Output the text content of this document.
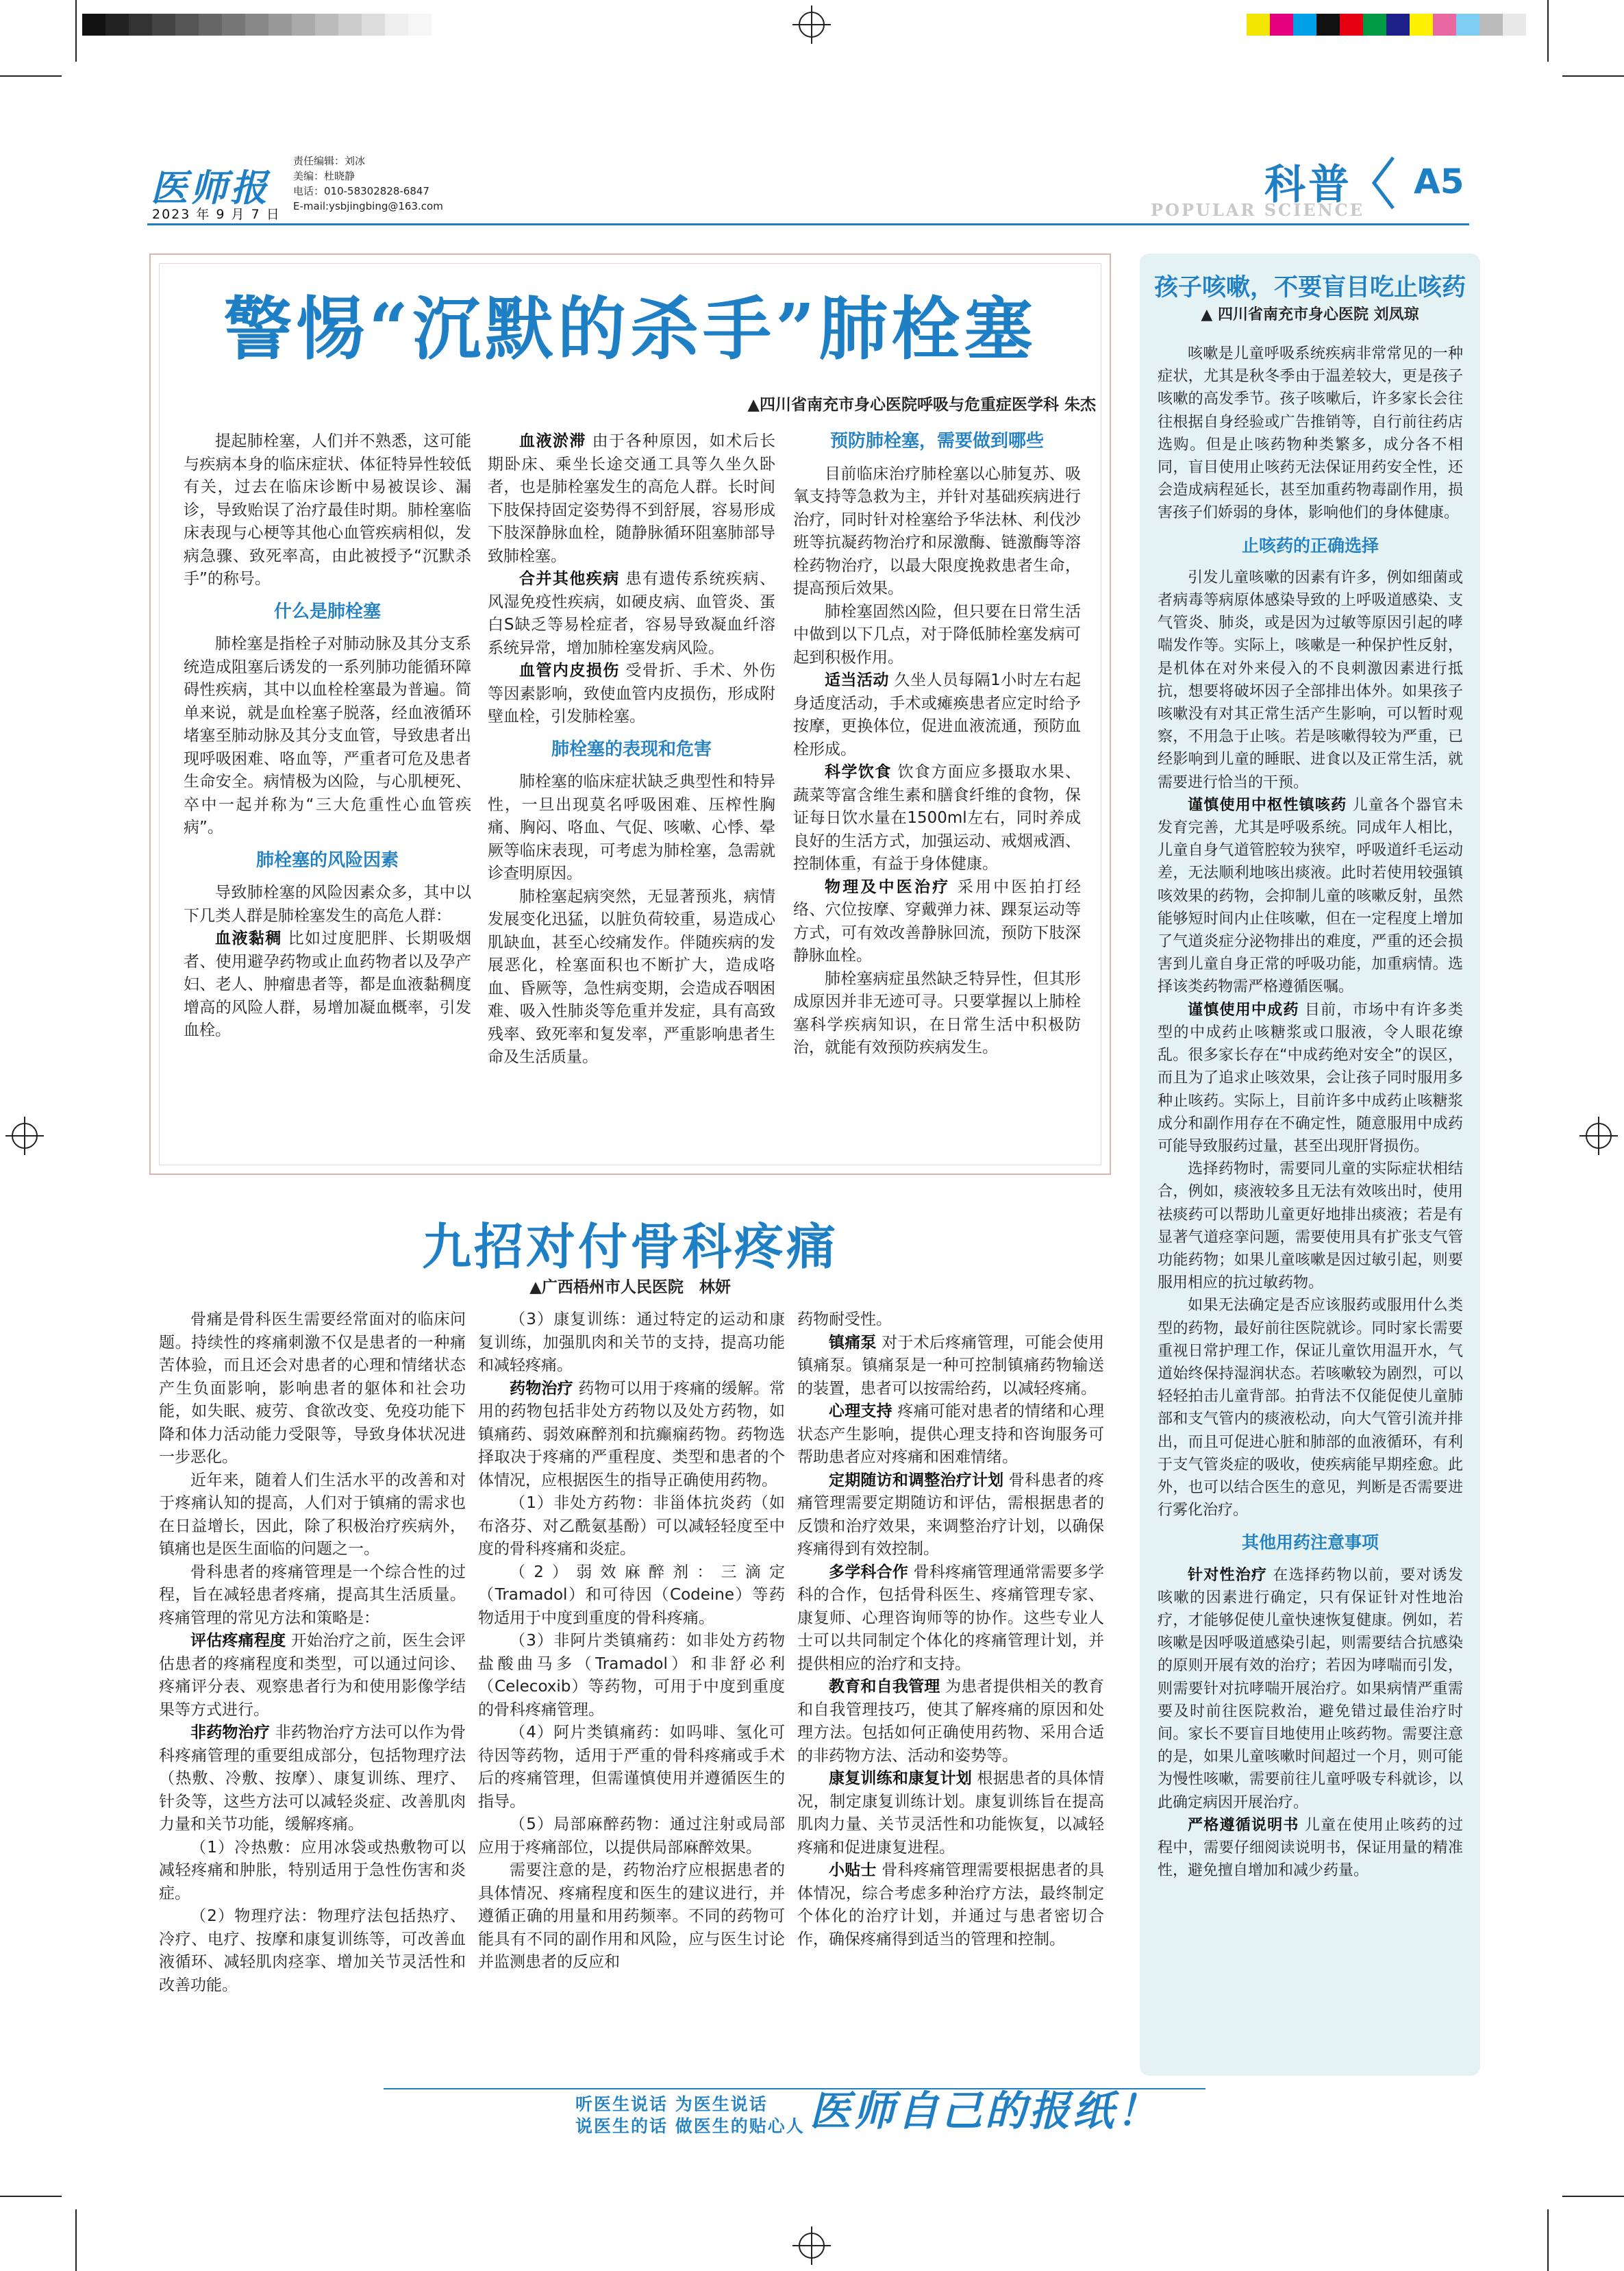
医师报
2023 年 9 月 7 日
责任编辑：刘冰
美编：杜晓静
电话：010-58302828-6847
E-mail:ysbjingbing@163.com	科普
POPULAR SCIENCE
A5
警惕“沉默的杀手”肺栓塞
▲四川省南充市身心医院呼吸与危重症医学科 朱杰

提起肺栓塞，人们并不熟悉，这可能与疾病本身的临床症状、体征特异性较低有关，过去在临床诊断中易被误诊、漏诊，导致贻误了治疗最佳时期。肺栓塞临床表现与心梗等其他心血管疾病相似，发病急骤、致死率高，由此被授予“沉默杀手”的称号。

什么是肺栓塞

肺栓塞是指栓子对肺动脉及其分支系统造成阻塞后诱发的一系列肺功能循环障碍性疾病，其中以血栓栓塞最为普遍。简单来说，就是血栓塞子脱落，经血液循环堵塞至肺动脉及其分支血管，导致患者出现呼吸困难、咯血等，严重者可危及患者生命安全。病情极为凶险，与心肌梗死、卒中一起并称为“三大危重性心血管疾病”。

肺栓塞的风险因素

导致肺栓塞的风险因素众多，其中以下几类人群是肺栓塞发生的高危人群：

血液黏稠 比如过度肥胖、长期吸烟者、使用避孕药物或止血药物者以及孕产妇、老人、肿瘤患者等，都是血液黏稠度增高的风险人群，易增加凝血概率，引发血栓。

血液淤滞 由于各种原因，如术后长期卧床、乘坐长途交通工具等久坐久卧者，也是肺栓塞发生的高危人群。长时间下肢保持固定姿势得不到舒展，容易形成下肢深静脉血栓，随静脉循环阻塞肺部导致肺栓塞。

合并其他疾病 患有遗传系统疾病、风湿免疫性疾病，如硬皮病、血管炎、蛋白S缺乏等易栓症者，容易导致凝血纤溶系统异常，增加肺栓塞发病风险。

血管内皮损伤 受骨折、手术、外伤等因素影响，致使血管内皮损伤，形成附壁血栓，引发肺栓塞。

肺栓塞的表现和危害

肺栓塞的临床症状缺乏典型性和特异性，一旦出现莫名呼吸困难、压榨性胸痛、胸闷、咯血、气促、咳嗽、心悸、晕厥等临床表现，可考虑为肺栓塞，急需就诊查明原因。

肺栓塞起病突然，无显著预兆，病情发展变化迅猛，以脏负荷较重，易造成心肌缺血，甚至心绞痛发作。伴随疾病的发展恶化，栓塞面积也不断扩大，造成咯血、昏厥等，急性病变期，会造成吞咽困难、吸入性肺炎等危重并发症，具有高致残率、致死率和复发率，严重影响患者生命及生活质量。

预防肺栓塞，需要做到哪些

目前临床治疗肺栓塞以心肺复苏、吸氧支持等急救为主，并针对基础疾病进行治疗，同时针对栓塞给予华法林、利伐沙班等抗凝药物治疗和尿激酶、链激酶等溶栓药物治疗，以最大限度挽救患者生命，提高预后效果。

肺栓塞固然凶险，但只要在日常生活中做到以下几点，对于降低肺栓塞发病可起到积极作用。

适当活动 久坐人员每隔1小时左右起身适度活动，手术或瘫痪患者应定时给予按摩，更换体位，促进血液流通，预防血栓形成。

科学饮食 饮食方面应多摄取水果、蔬菜等富含维生素和膳食纤维的食物，保证每日饮水量在1500ml左右，同时养成良好的生活方式，加强运动、戒烟戒酒、控制体重，有益于身体健康。

物理及中医治疗 采用中医拍打经络、穴位按摩、穿戴弹力袜、踝泵运动等方式，可有效改善静脉回流，预防下肢深静脉血栓。

肺栓塞病症虽然缺乏特异性，但其形成原因并非无迹可寻。只要掌握以上肺栓塞科学疾病知识，在日常生活中积极防治，就能有效预防疾病发生。

九招对付骨科疼痛
▲广西梧州市人民医院　林妍

骨痛是骨科医生需要经常面对的临床问题。持续性的疼痛刺激不仅是患者的一种痛苦体验，而且还会对患者的心理和情绪状态产生负面影响，影响患者的躯体和社会功能，如失眠、疲劳、食欲改变、免疫功能下降和体力活动能力受限等，导致身体状况进一步恶化。

近年来，随着人们生活水平的改善和对于疼痛认知的提高，人们对于镇痛的需求也在日益增长，因此，除了积极治疗疾病外，镇痛也是医生面临的问题之一。

骨科患者的疼痛管理是一个综合性的过程，旨在减轻患者疼痛，提高其生活质量。疼痛管理的常见方法和策略是：

评估疼痛程度 开始治疗之前，医生会评估患者的疼痛程度和类型，可以通过问诊、疼痛评分表、观察患者行为和使用影像学结果等方式进行。

非药物治疗 非药物治疗方法可以作为骨科疼痛管理的重要组成部分，包括物理疗法（热敷、冷敷、按摩）、康复训练、理疗、针灸等，这些方法可以减轻炎症、改善肌肉力量和关节功能，缓解疼痛。

（1）冷热敷：应用冰袋或热敷物可以减轻疼痛和肿胀，特别适用于急性伤害和炎症。

（2）物理疗法：物理疗法包括热疗、冷疗、电疗、按摩和康复训练等，可改善血液循环、减轻肌肉痉挛、增加关节灵活性和改善功能。

（3）康复训练：通过特定的运动和康复训练，加强肌肉和关节的支持，提高功能和减轻疼痛。

药物治疗 药物可以用于疼痛的缓解。常用的药物包括非处方药物以及处方药物，如镇痛药、弱效麻醉剂和抗癫痫药物。药物选择取决于疼痛的严重程度、类型和患者的个体情况，应根据医生的指导正确使用药物。

（1）非处方药物：非甾体抗炎药（如布洛芬、对乙酰氨基酚）可以减轻轻度至中度的骨科疼痛和炎症。

（2）弱效麻醉剂：三滴定（Tramadol）和可待因（Codeine）等药物适用于中度到重度的骨科疼痛。

（3）非阿片类镇痛药：如非处方药物盐酸曲马多（Tramadol）和非舒必利（Celecoxib）等药物，可用于中度到重度的骨科疼痛管理。

（4）阿片类镇痛药：如吗啡、氢化可待因等药物，适用于严重的骨科疼痛或手术后的疼痛管理，但需谨慎使用并遵循医生的指导。

（5）局部麻醉药物：通过注射或局部应用于疼痛部位，以提供局部麻醉效果。

需要注意的是，药物治疗应根据患者的具体情况、疼痛程度和医生的建议进行，并遵循正确的用量和用药频率。不同的药物可能具有不同的副作用和风险，应与医生讨论并监测患者的反应和

药物耐受性。

镇痛泵 对于术后疼痛管理，可能会使用镇痛泵。镇痛泵是一种可控制镇痛药物输送的装置，患者可以按需给药，以减轻疼痛。

心理支持 疼痛可能对患者的情绪和心理状态产生影响，提供心理支持和咨询服务可帮助患者应对疼痛和困难情绪。

定期随访和调整治疗计划 骨科患者的疼痛管理需要定期随访和评估，需根据患者的反馈和治疗效果，来调整治疗计划，以确保疼痛得到有效控制。

多学科合作 骨科疼痛管理通常需要多学科的合作，包括骨科医生、疼痛管理专家、康复师、心理咨询师等的协作。这些专业人士可以共同制定个体化的疼痛管理计划，并提供相应的治疗和支持。

教育和自我管理 为患者提供相关的教育和自我管理技巧，使其了解疼痛的原因和处理方法。包括如何正确使用药物、采用合适的非药物方法、活动和姿势等。

康复训练和康复计划 根据患者的具体情况，制定康复训练计划。康复训练旨在提高肌肉力量、关节灵活性和功能恢复，以减轻疼痛和促进康复进程。

小贴士 骨科疼痛管理需要根据患者的具体情况，综合考虑多种治疗方法，最终制定个体化的治疗计划，并通过与患者密切合作，确保疼痛得到适当的管理和控制。

孩子咳嗽，不要盲目吃止咳药
▲ 四川省南充市身心医院 刘凤琼

咳嗽是儿童呼吸系统疾病非常常见的一种症状，尤其是秋冬季由于温差较大，更是孩子咳嗽的高发季节。孩子咳嗽后，许多家长会往往根据自身经验或广告推销等，自行前往药店选购。但是止咳药物种类繁多，成分各不相同，盲目使用止咳药无法保证用药安全性，还会造成病程延长，甚至加重药物毒副作用，损害孩子们娇弱的身体，影响他们的身体健康。

止咳药的正确选择

引发儿童咳嗽的因素有许多，例如细菌或者病毒等病原体感染导致的上呼吸道感染、支气管炎、肺炎，或是因为过敏等原因引起的哮喘发作等。实际上，咳嗽是一种保护性反射，是机体在对外来侵入的不良刺激因素进行抵抗，想要将破坏因子全部排出体外。如果孩子咳嗽没有对其正常生活产生影响，可以暂时观察，不用急于止咳。若是咳嗽得较为严重，已经影响到儿童的睡眠、进食以及正常生活，就需要进行恰当的干预。

谨慎使用中枢性镇咳药 儿童各个器官未发育完善，尤其是呼吸系统。同成年人相比，儿童自身气道管腔较为狭窄，呼吸道纤毛运动差，无法顺利地咳出痰液。此时若使用较强镇咳效果的药物，会抑制儿童的咳嗽反射，虽然能够短时间内止住咳嗽，但在一定程度上增加了气道炎症分泌物排出的难度，严重的还会损害到儿童自身正常的呼吸功能，加重病情。选择该类药物需严格遵循医嘱。

谨慎使用中成药 目前，市场中有许多类型的中成药止咳糖浆或口服液，令人眼花缭乱。很多家长存在“中成药绝对安全”的误区，而且为了追求止咳效果，会让孩子同时服用多种止咳药。实际上，目前许多中成药止咳糖浆成分和副作用存在不确定性，随意服用中成药可能导致服药过量，甚至出现肝肾损伤。

选择药物时，需要同儿童的实际症状相结合，例如，痰液较多且无法有效咳出时，使用祛痰药可以帮助儿童更好地排出痰液；若是有显著气道痉挛问题，需要使用具有扩张支气管功能药物；如果儿童咳嗽是因过敏引起，则要服用相应的抗过敏药物。

如果无法确定是否应该服药或服用什么类型的药物，最好前往医院就诊。同时家长需要重视日常护理工作，保证儿童饮用温开水，气道始终保持湿润状态。若咳嗽较为剧烈，可以轻轻拍击儿童背部。拍背法不仅能促使儿童肺部和支气管内的痰液松动，向大气管引流并排出，而且可促进心脏和肺部的血液循环，有利于支气管炎症的吸收，使疾病能早期痊愈。此外，也可以结合医生的意见，判断是否需要进行雾化治疗。

其他用药注意事项

针对性治疗 在选择药物以前，要对诱发咳嗽的因素进行确定，只有保证针对性地治疗，才能够促使儿童快速恢复健康。例如，若咳嗽是因呼吸道感染引起，则需要结合抗感染的原则开展有效的治疗；若因为哮喘而引发，则需要针对抗哮喘开展治疗。如果病情严重需要及时前往医院救治，避免错过最佳治疗时间。家长不要盲目地使用止咳药物。需要注意的是，如果儿童咳嗽时间超过一个月，则可能为慢性咳嗽，需要前往儿童呼吸专科就诊，以此确定病因开展治疗。

严格遵循说明书 儿童在使用止咳药的过程中，需要仔细阅读说明书，保证用量的精准性，避免擅自增加和减少药量。

听医生说话 为医生说话
说医生的话 做医生的贴心人 医师自己的报纸！
